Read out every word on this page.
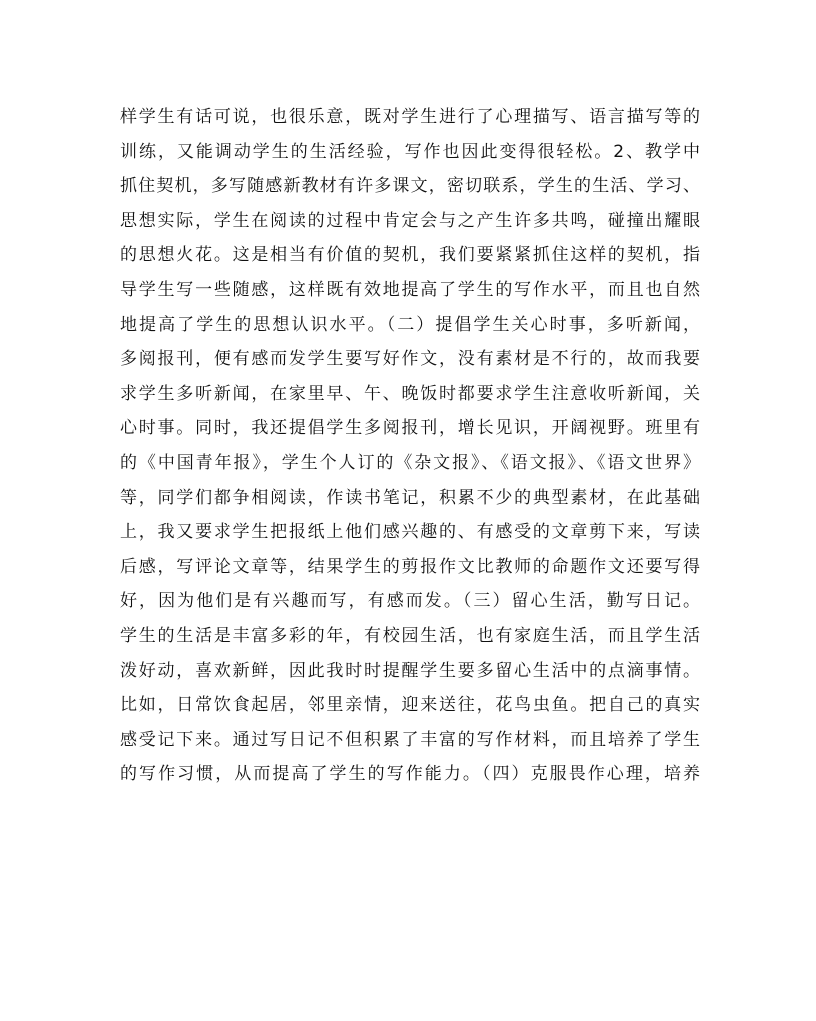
样学生有话可说，也很乐意，既对学生进行了心理描写、语言描写等的
训练，又能调动学生的生活经验，写作也因此变得很轻松。2、教学中
抓住契机，多写随感新教材有许多课文，密切联系，学生的生活、学习、
思想实际，学生在阅读的过程中肯定会与之产生许多共鸣，碰撞出耀眼
的思想火花。这是相当有价值的契机，我们要紧紧抓住这样的契机，指
导学生写一些随感，这样既有效地提高了学生的写作水平，而且也自然
地提高了学生的思想认识水平。（二）提倡学生关心时事，多听新闻，
多阅报刊，便有感而发学生要写好作文，没有素材是不行的，故而我要
求学生多听新闻，在家里早、午、晚饭时都要求学生注意收听新闻，关
心时事。同时，我还提倡学生多阅报刊，增长见识，开阔视野。班里有
的《中国青年报》，学生个人订的《杂文报》、《语文报》、《语文世界》
等，同学们都争相阅读，作读书笔记，积累不少的典型素材，在此基础
上，我又要求学生把报纸上他们感兴趣的、有感受的文章剪下来，写读
后感，写评论文章等，结果学生的剪报作文比教师的命题作文还要写得
好，因为他们是有兴趣而写，有感而发。（三）留心生活，勤写日记。
学生的生活是丰富多彩的年，有校园生活，也有家庭生活，而且学生活
泼好动，喜欢新鲜，因此我时时提醒学生要多留心生活中的点滴事情。
比如，日常饮食起居，邻里亲情，迎来送往，花鸟虫鱼。把自己的真实
感受记下来。通过写日记不但积累了丰富的写作材料，而且培养了学生
的写作习惯，从而提高了学生的写作能力。（四）克服畏作心理，培养
